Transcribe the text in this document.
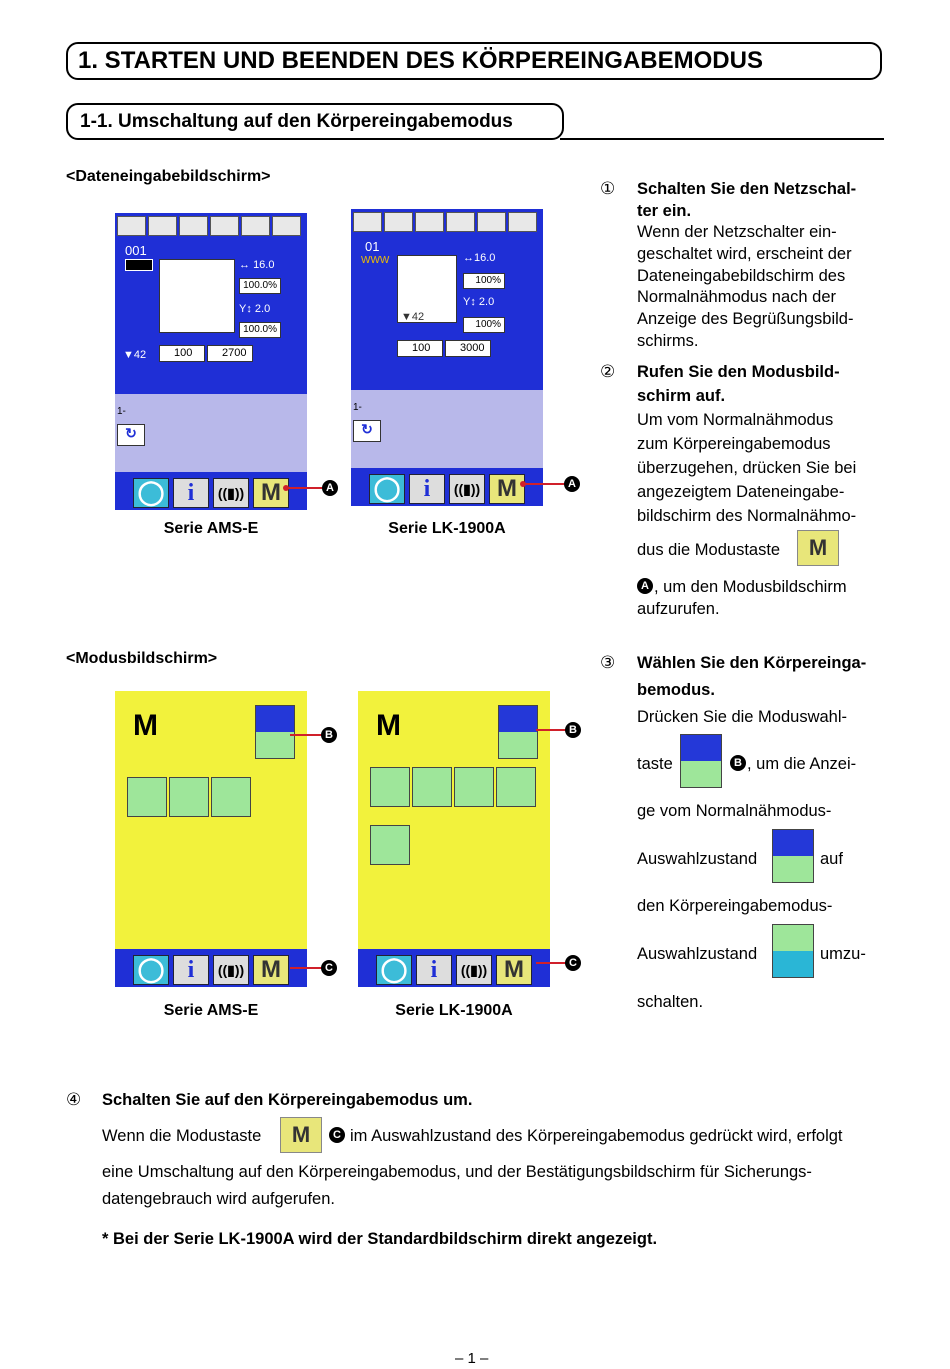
1. STARTEN UND BEENDEN DES KÖRPEREINGABEMODUS
1-1. Umschaltung auf den Körpereingabemodus
<Dateneingabebildschirm>
001
↔ 16.0
100.0%
Y↕ 2.0
100.0%
▼42	100	2700
1-
↻
◯ i	((▮)) M	A
Serie AMS-E
01
WWW	↔16.0
100%
Y↕ 2.0
100%
▼42
100	3000
1-
↻
◯ i	((▮)) M	A
Serie LK-1900A
① Schalten Sie den Netzschal-
ter ein.
Wenn der Netzschalter ein-
geschaltet wird, erscheint der
Dateneingabebildschirm des
Normalnähmodus nach der
Anzeige des Begrüßungsbild-
schirms.
② Rufen Sie den Modusbild-
schirm auf.
Um vom Normalnähmodus
zum Körpereingabemodus
überzugehen, drücken Sie bei
angezeigtem Dateneingabe-
bildschirm des Normalnähmo-
dus die Modustaste	M
A , um den Modusbildschirm
aufzurufen.
<Modusbildschirm>
M
◯ i	((▮)) M
B
C
Serie AMS-E
M
◯ i	((▮)) M
B
C
Serie LK-1900A
③ Wählen Sie den Körpereinga-
bemodus.
Drücken Sie die Moduswahl-
taste	B , um die Anzei-
ge vom Normalnähmodus-
Auswahlzustand	auf
den Körpereingabemodus-
Auswahlzustand	umzu-
schalten.
④ Schalten Sie auf den Körpereingabemodus um.
Wenn die Modustaste	M	C im Auswahlzustand des Körpereingabemodus gedrückt wird, erfolgt
eine Umschaltung auf den Körpereingabemodus, und der Bestätigungsbildschirm für Sicherungs-
datengebrauch wird aufgerufen.
* Bei der Serie LK-1900A wird der Standardbildschirm direkt angezeigt.
– 1 –
